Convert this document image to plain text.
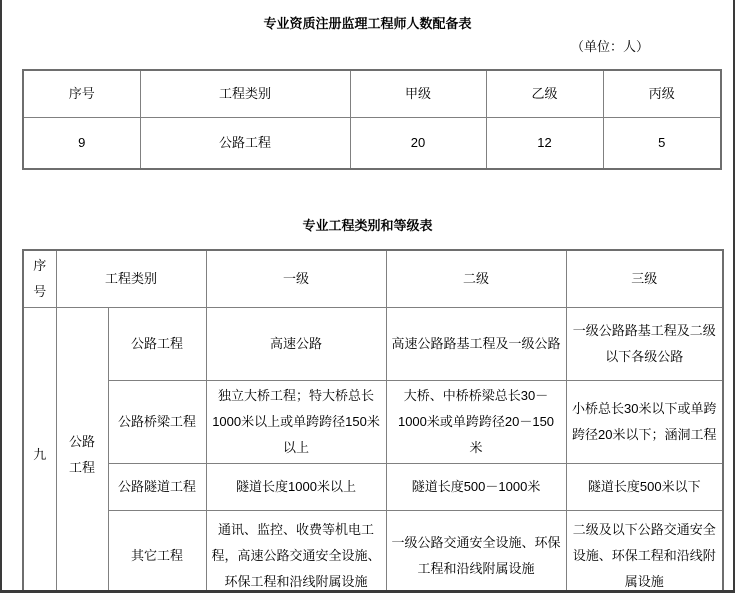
专业资质注册监理工程师人数配备表
（单位：人）
序号	工程类别	甲级	乙级	丙级
9	公路工程	20	12	5
专业工程类别和等级表
序号	工程类别		一级	二级	三级
九	公路工程	公路工程	高速公路	高速公路路基工程及一级公路	一级公路路基工程及二级以下各级公路
		公路桥梁工程	独立大桥工程；特大桥总长1000米以上或单跨跨径150米以上	大桥、中桥桥梁总长30－1000米或单跨跨径20－150米	小桥总长30米以下或单跨跨径20米以下；涵洞工程
		公路隧道工程	隧道长度1000米以上	隧道长度500－1000米	隧道长度500米以下
		其它工程	通讯、监控、收费等机电工程，高速公路交通安全设施、环保工程和沿线附属设施	一级公路交通安全设施、环保工程和沿线附属设施	二级及以下公路交通安全设施、环保工程和沿线附属设施
